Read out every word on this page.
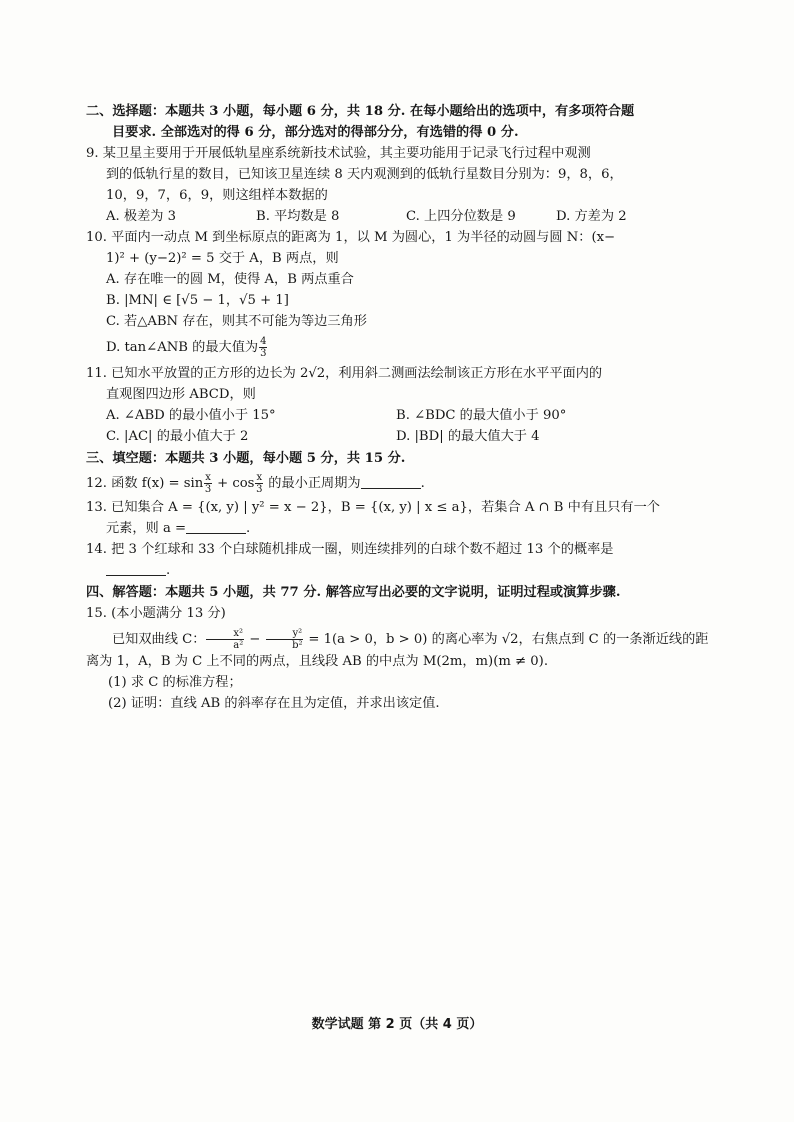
二、选择题：本题共 3 小题，每小题 6 分，共 18 分. 在每小题给出的选项中，有多项符合题
目要求. 全部选对的得 6 分，部分选对的得部分分，有选错的得 0 分.
9. 某卫星主要用于开展低轨星座系统新技术试验，其主要功能用于记录飞行过程中观测
到的低轨行星的数目，已知该卫星连续 8 天内观测到的低轨行星数目分别为：9，8，6，
10，9，7，6，9，则这组样本数据的
A. 极差为 3	B. 平均数是 8	C. 上四分位数是 9	D. 方差为 2
10. 平面内一动点 M 到坐标原点的距离为 1，以 M 为圆心，1 为半径的动圆与圆 N：(x−
1)² + (y−2)² = 5 交于 A，B 两点，则
A. 存在唯一的圆 M，使得 A，B 两点重合
B. |MN| ∈ [√5 − 1，√5 + 1]
C. 若△ABN 存在，则其不可能为等边三角形
D. tan∠ANB 的最大值为 $\frac{4}{3}$
11. 已知水平放置的正方形的边长为 2√2，利用斜二测画法绘制该正方形在水平平面内的
直观图四边形 ABCD，则
A. ∠ABD 的最小值小于 15°	B. ∠BDC 的最大值小于 90°
C. |AC| 的最小值大于 2	D. |BD| 的最大值大于 4
三、填空题：本题共 3 小题，每小题 5 分，共 15 分.
12. 函数 $f(x) = \sin \frac{x}{3} + \cos \frac{x}{3}$ 的最小正周期为	.
13. 已知集合 A = {(x, y) | y² = x − 2}，B = {(x, y) | x ≤ a}，若集合 A ∩ B 中有且只有一个
元素，则 a =	.
14. 把 3 个红球和 33 个白球随机排成一圈，则连续排列的白球个数不超过 13 个的概率是
.
四、解答题：本题共 5 小题，共 77 分. 解答应写出必要的文字说明，证明过程或演算步骤.
15. (本小题满分 13 分)
已知双曲线 C： $\frac{\text{x²}}{\text{a²}} - \frac{\text{y²}}{\text{b²}} = 1(a > 0$，b > 0) 的离心率为 √2，右焦点到 C 的一条渐近线的距
离为 1，A，B 为 C 上不同的两点，且线段 AB 的中点为 M(2m，m)(m ≠ 0).
(1) 求 C 的标准方程；
(2) 证明：直线 AB 的斜率存在且为定值，并求出该定值.
数学试题 第 2 页（共 4 页）
